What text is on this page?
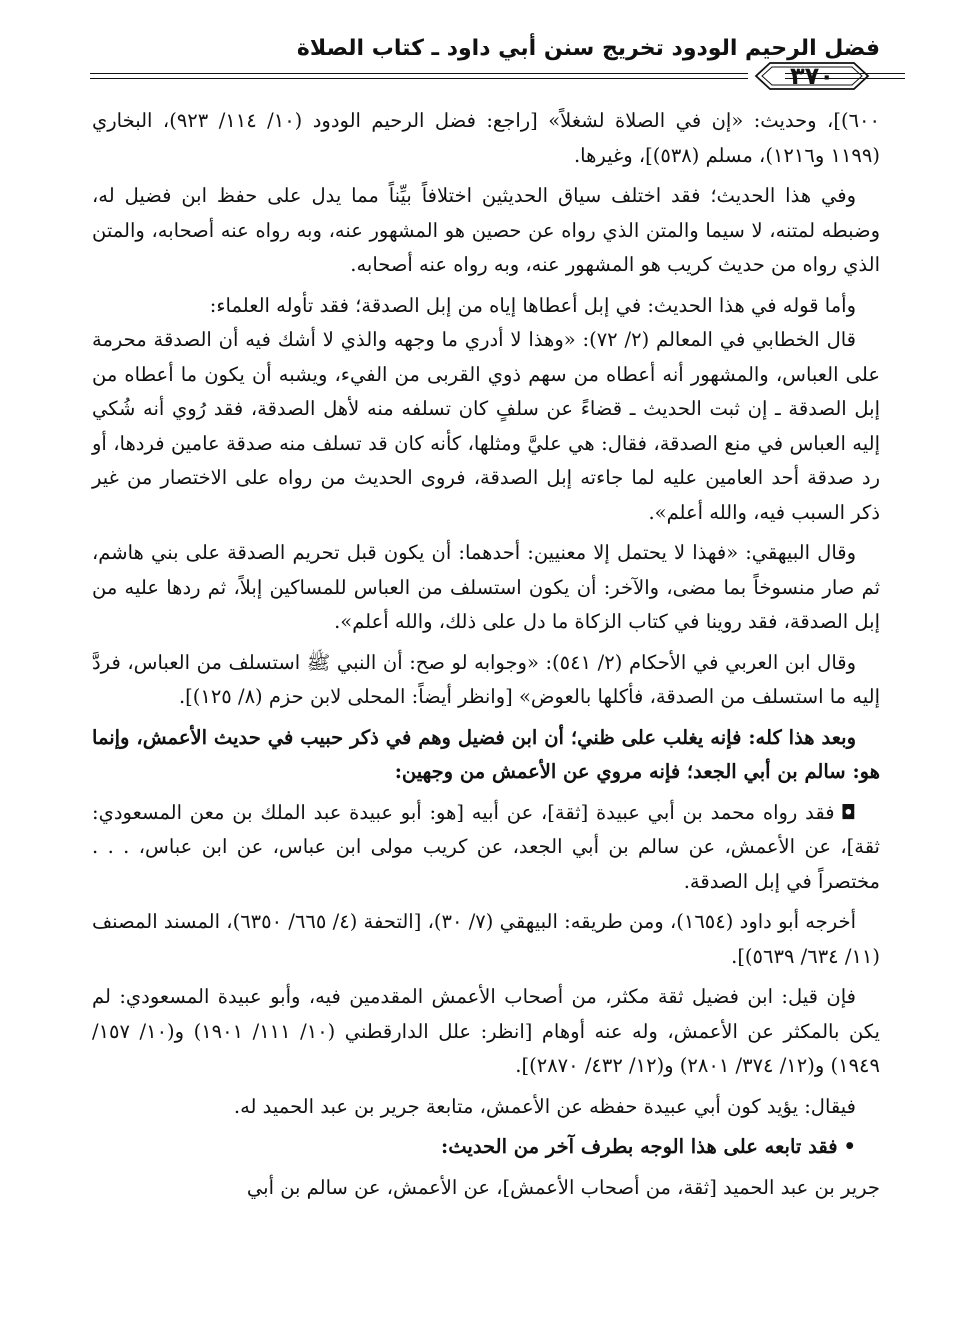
فضل الرحيم الودود تخريج سنن أبي داود ـ كتاب الصلاة
٣٧٠

٦٠٠)]، وحديث: «إن في الصلاة لشغلاً» [راجع: فضل الرحيم الودود (١٠/ ١١٤/ ٩٢٣)، البخاري (١١٩٩ و١٢١٦)، مسلم (٥٣٨)]، وغيرها.

وفي هذا الحديث؛ فقد اختلف سياق الحديثين اختلافاً بيِّناً مما يدل على حفظ ابن فضيل له، وضبطه لمتنه، لا سيما والمتن الذي رواه عن حصين هو المشهور عنه، وبه رواه عنه أصحابه، والمتن الذي رواه من حديث كريب هو المشهور عنه، وبه رواه عنه أصحابه.

وأما قوله في هذا الحديث: في إبل أعطاها إياه من إبل الصدقة؛ فقد تأوله العلماء:

قال الخطابي في المعالم (٢/ ٧٢): «وهذا لا أدري ما وجهه والذي لا أشك فيه أن الصدقة محرمة على العباس، والمشهور أنه أعطاه من سهم ذوي القربى من الفيء، ويشبه أن يكون ما أعطاه من إبل الصدقة ـ إن ثبت الحديث ـ قضاءً عن سلفٍ كان تسلفه منه لأهل الصدقة، فقد رُوي أنه شُكي إليه العباس في منع الصدقة، فقال: هي عليَّ ومثلها، كأنه كان قد تسلف منه صدقة عامين فردها، أو رد صدقة أحد العامين عليه لما جاءته إبل الصدقة، فروى الحديث من رواه على الاختصار من غير ذكر السبب فيه، والله أعلم».

وقال البيهقي: «فهذا لا يحتمل إلا معنيين: أحدهما: أن يكون قبل تحريم الصدقة على بني هاشم، ثم صار منسوخاً بما مضى، والآخر: أن يكون استسلف من العباس للمساكين إبلاً، ثم ردها عليه من إبل الصدقة، فقد روينا في كتاب الزكاة ما دل على ذلك، والله أعلم».

وقال ابن العربي في الأحكام (٢/ ٥٤١): «وجوابه لو صح: أن النبي ﷺ استسلف من العباس، فردَّ إليه ما استسلف من الصدقة، فأكلها بالعوض» [وانظر أيضاً: المحلى لابن حزم (٨/ ١٢٥)].

وبعد هذا كله: فإنه يغلب على ظني؛ أن ابن فضيل وهم في ذكر حبيب في حديث الأعمش، وإنما هو: سالم بن أبي الجعد؛ فإنه مروي عن الأعمش من وجهين:

◘فقد رواه محمد بن أبي عبيدة [ثقة]، عن أبيه [هو: أبو عبيدة عبد الملك بن معن المسعودي: ثقة]، عن الأعمش، عن سالم بن أبي الجعد، عن كريب مولى ابن عباس، عن ابن عباس، . . . مختصراً في إبل الصدقة.

أخرجه أبو داود (١٦٥٤)، ومن طريقه: البيهقي (٧/ ٣٠)، [التحفة (٤/ ٦٦٥/ ٦٣٥٠)، المسند المصنف (١١/ ٦٣٤/ ٥٦٣٩)].

فإن قيل: ابن فضيل ثقة مكثر، من أصحاب الأعمش المقدمين فيه، وأبو عبيدة المسعودي: لم يكن بالمكثر عن الأعمش، وله عنه أوهام [انظر: علل الدارقطني (١٠/ ١١١/ ١٩٠١) و(١٠/ ١٥٧/ ١٩٤٩) و(١٢/ ٣٧٤/ ٢٨٠١) و(١٢/ ٤٣٢/ ٢٨٧٠)].

فيقال: يؤيد كون أبي عبيدة حفظه عن الأعمش، متابعة جرير بن عبد الحميد له.

•فقد تابعه على هذا الوجه بطرف آخر من الحديث:

جرير بن عبد الحميد [ثقة، من أصحاب الأعمش]، عن الأعمش، عن سالم بن أبي
